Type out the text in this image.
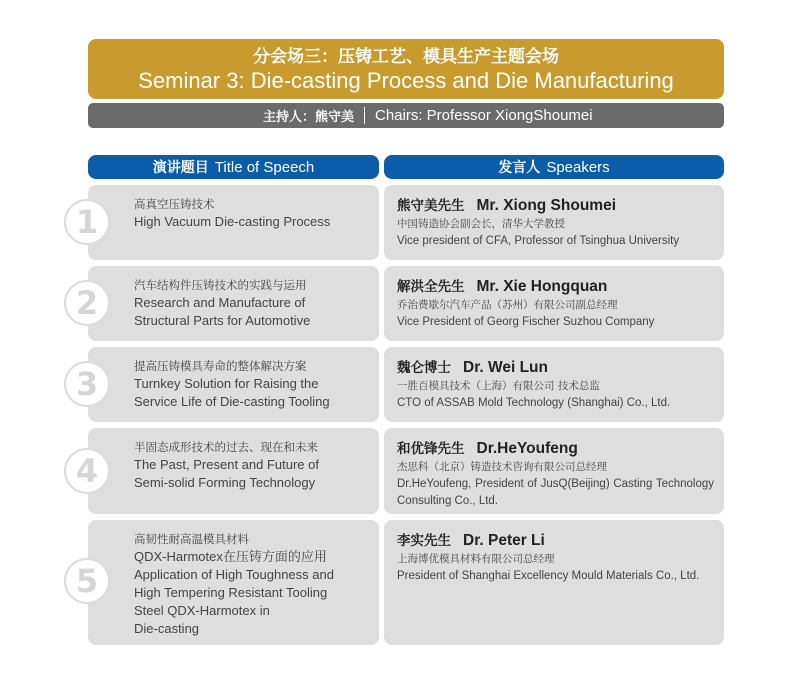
分会场三：压铸工艺、模具生产主题会场
Seminar 3: Die-casting Process and Die Manufacturing
主持人：熊守美	Chairs: Professor XiongShoumei
演讲题目 Title of Speech	发言人 Speakers
1	高真空压铸技术
High Vacuum Die-casting Process
熊守美先生 Mr. Xiong Shoumei
中国铸造协会副会长，清华大学教授
Vice president of CFA, Professor of Tsinghua University
2	汽车结构件压铸技术的实践与运用
Research and Manufacture of
Structural Parts for Automotive
解洪全先生 Mr. Xie Hongquan
乔治费歇尔汽车产品（苏州）有限公司副总经理
Vice President of Georg Fischer Suzhou Company
3	提高压铸模具寿命的整体解决方案
Turnkey Solution for Raising the
Service Life of Die-casting Tooling
魏仑博士 Dr. Wei Lun
一胜百模具技术（上海）有限公司 技术总监
CTO of ASSAB Mold Technology (Shanghai) Co., Ltd.
4
半固态成形技术的过去、现在和未来
The Past, Present and Future of
Semi-solid Forming Technology
和优锋先生 Dr.HeYoufeng
杰思科（北京）铸造技术咨询有限公司总经理
Dr.HeYoufeng, President of JusQ(Beijing) Casting Technology Consulting Co., Ltd.
5
高韧性耐高温模具材料
QDX-Harmotex在压铸方面的应用
Application of High Toughness and
High Tempering Resistant Tooling
Steel QDX-Harmotex in
Die-casting
李实先生 Dr. Peter Li
上海博优模具材料有限公司总经理
President of Shanghai Excellency Mould Materials Co., Ltd.
